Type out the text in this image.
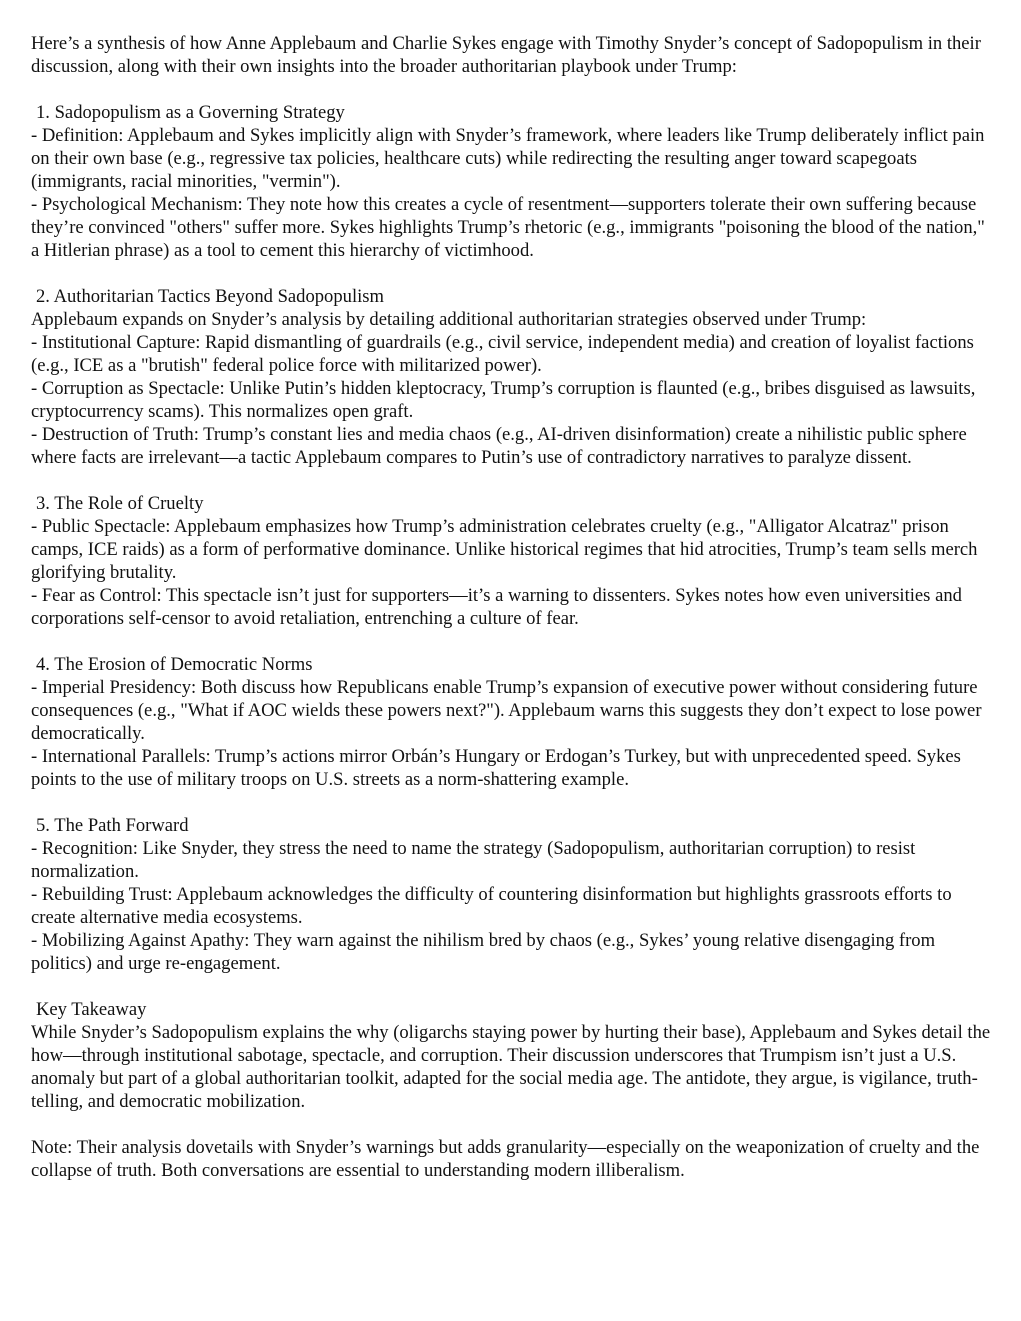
Here’s a synthesis of how Anne Applebaum and Charlie Sykes engage with Timothy Snyder’s concept of Sadopopulism in their discussion, along with their own insights into the broader authoritarian playbook under Trump:

1. Sadopopulism as a Governing Strategy

- Definition: Applebaum and Sykes implicitly align with Snyder’s framework, where leaders like Trump deliberately inflict pain on their own base (e.g., regressive tax policies, healthcare cuts) while redirecting the resulting anger toward scapegoats (immigrants, racial minorities, "vermin").

- Psychological Mechanism: They note how this creates a cycle of resentment—supporters tolerate their own suffering because they’re convinced "others" suffer more. Sykes highlights Trump’s rhetoric (e.g., immigrants "poisoning the blood of the nation," a Hitlerian phrase) as a tool to cement this hierarchy of victimhood.

2. Authoritarian Tactics Beyond Sadopopulism

Applebaum expands on Snyder’s analysis by detailing additional authoritarian strategies observed under Trump:

- Institutional Capture: Rapid dismantling of guardrails (e.g., civil service, independent media) and creation of loyalist factions (e.g., ICE as a "brutish" federal police force with militarized power).

- Corruption as Spectacle: Unlike Putin’s hidden kleptocracy, Trump’s corruption is flaunted (e.g., bribes disguised as lawsuits, cryptocurrency scams). This normalizes open graft.

- Destruction of Truth: Trump’s constant lies and media chaos (e.g., AI-driven disinformation) create a nihilistic public sphere where facts are irrelevant—a tactic Applebaum compares to Putin’s use of contradictory narratives to paralyze dissent.

3. The Role of Cruelty

- Public Spectacle: Applebaum emphasizes how Trump’s administration celebrates cruelty (e.g., "Alligator Alcatraz" prison camps, ICE raids) as a form of performative dominance. Unlike historical regimes that hid atrocities, Trump’s team sells merch glorifying brutality.

- Fear as Control: This spectacle isn’t just for supporters—it’s a warning to dissenters. Sykes notes how even universities and corporations self-censor to avoid retaliation, entrenching a culture of fear.

4. The Erosion of Democratic Norms

- Imperial Presidency: Both discuss how Republicans enable Trump’s expansion of executive power without considering future consequences (e.g., "What if AOC wields these powers next?"). Applebaum warns this suggests they don’t expect to lose power democratically.

- International Parallels: Trump’s actions mirror Orbán’s Hungary or Erdogan’s Turkey, but with unprecedented speed. Sykes points to the use of military troops on U.S. streets as a norm-shattering example.

5. The Path Forward

- Recognition: Like Snyder, they stress the need to name the strategy (Sadopopulism, authoritarian corruption) to resist normalization.

- Rebuilding Trust: Applebaum acknowledges the difficulty of countering disinformation but highlights grassroots efforts to create alternative media ecosystems.

- Mobilizing Against Apathy: They warn against the nihilism bred by chaos (e.g., Sykes’ young relative disengaging from politics) and urge re-engagement.

Key Takeaway

While Snyder’s Sadopopulism explains the why (oligarchs staying power by hurting their base), Applebaum and Sykes detail the how—through institutional sabotage, spectacle, and corruption. Their discussion underscores that Trumpism isn’t just a U.S. anomaly but part of a global authoritarian toolkit, adapted for the social media age. The antidote, they argue, is vigilance, truth-telling, and democratic mobilization.

Note: Their analysis dovetails with Snyder’s warnings but adds granularity—especially on the weaponization of cruelty and the collapse of truth. Both conversations are essential to understanding modern illiberalism.
